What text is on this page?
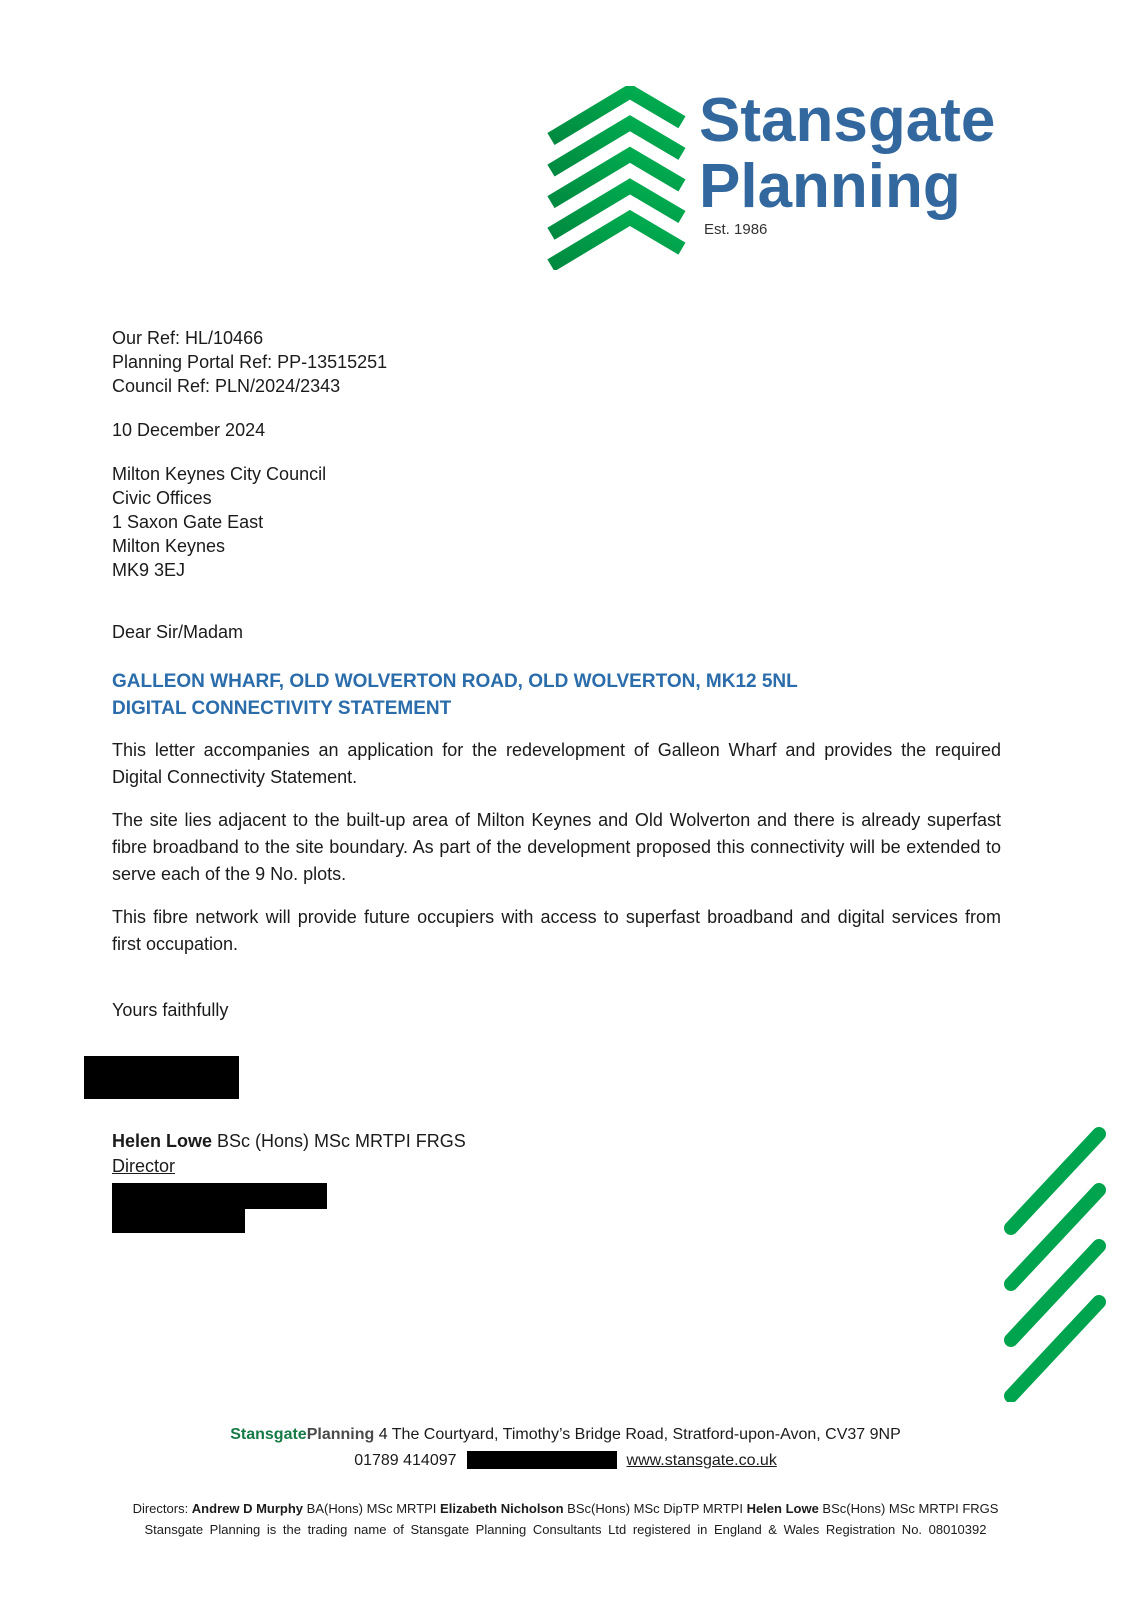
Stansgate
Planning
Est. 1986
Our Ref: HL/10466
Planning Portal Ref: PP-13515251
Council Ref: PLN/2024/2343
10 December 2024
Milton Keynes City Council
Civic Offices
1 Saxon Gate East
Milton Keynes
MK9 3EJ
Dear Sir/Madam
GALLEON WHARF, OLD WOLVERTON ROAD, OLD WOLVERTON, MK12 5NL
DIGITAL CONNECTIVITY STATEMENT

This letter accompanies an application for the redevelopment of Galleon Wharf and provides the required Digital Connectivity Statement.

The site lies adjacent to the built-up area of Milton Keynes and Old Wolverton and there is already superfast fibre broadband to the site boundary. As part of the development proposed this connectivity will be extended to serve each of the 9 No. plots.

This fibre network will provide future occupiers with access to superfast broadband and digital services from first occupation.

Yours faithfully
Helen Lowe BSc (Hons) MSc MRTPI FRGS
Director
StansgatePlanning 4 The Courtyard, Timothy’s Bridge Road, Stratford-upon-Avon, CV37 9NP
01789 414097	www.stansgate.co.uk
Directors: Andrew D Murphy BA(Hons) MSc MRTPI Elizabeth Nicholson BSc(Hons) MSc DipTP MRTPI Helen Lowe BSc(Hons) MSc MRTPI FRGS
Stansgate Planning is the trading name of Stansgate Planning Consultants Ltd registered in England & Wales Registration No. 08010392
